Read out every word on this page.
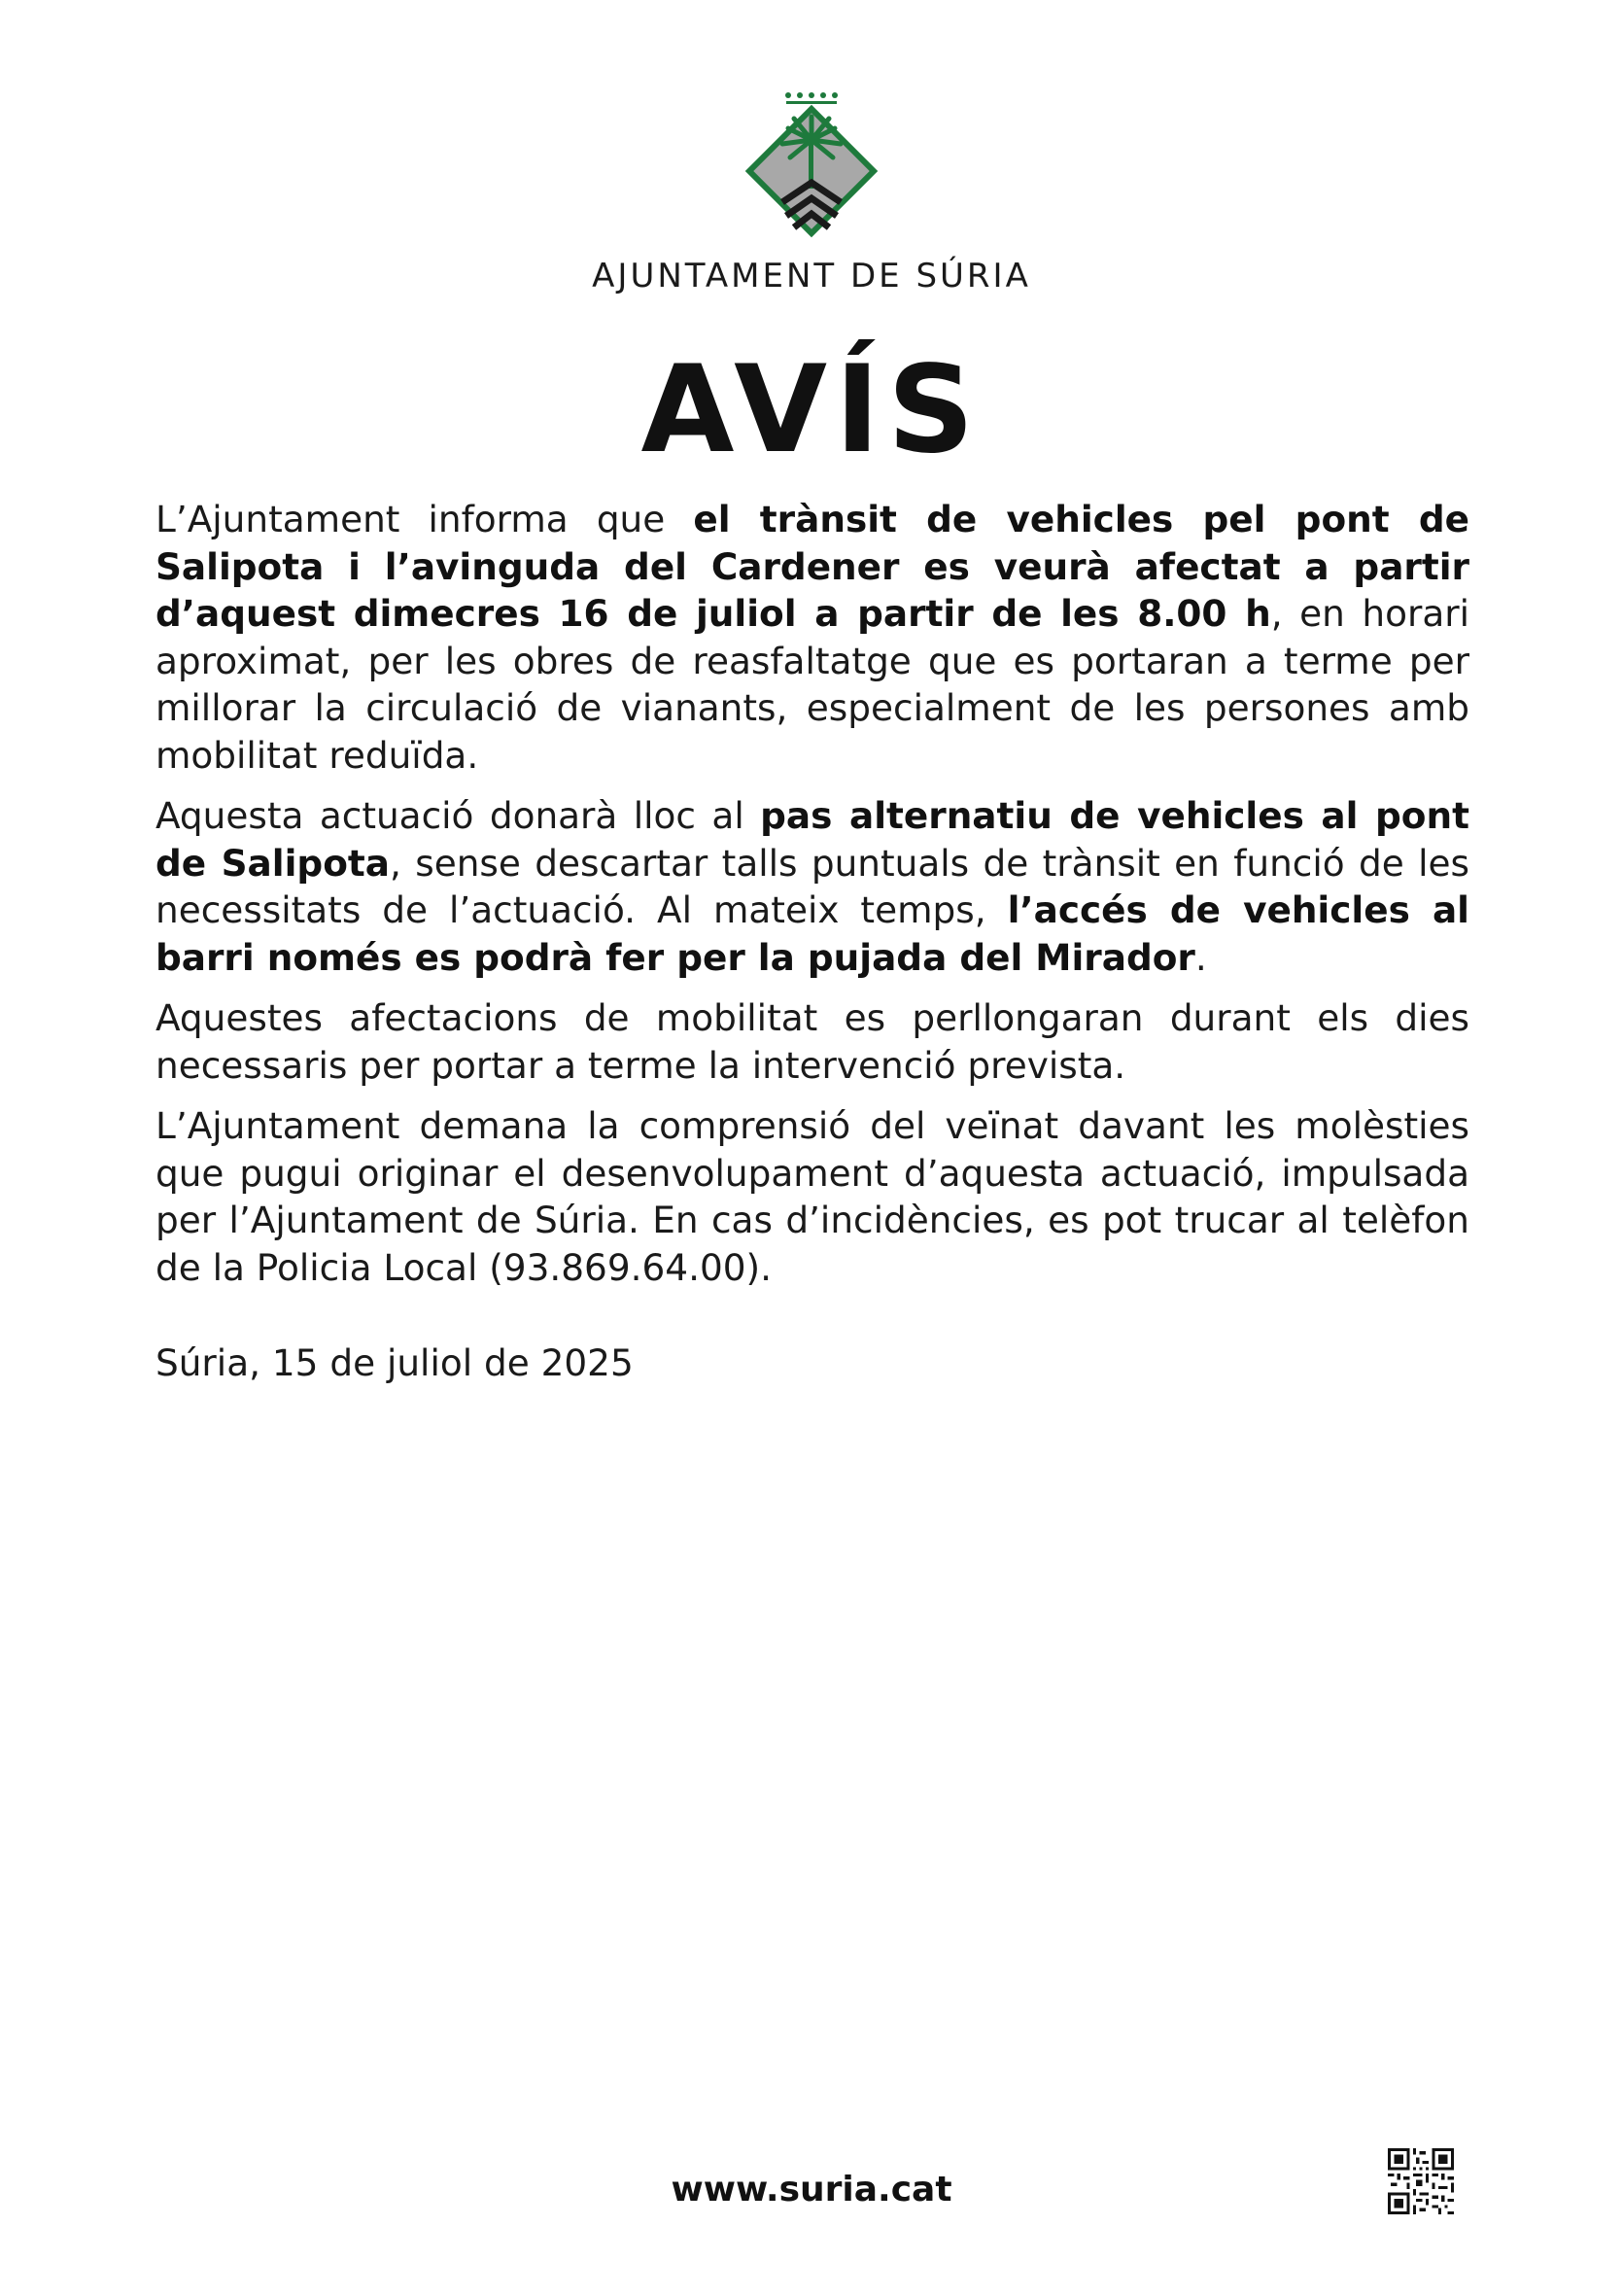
AJUNTAMENT DE SÚRIA
AVÍS

L’Ajuntament informa que el trànsit de vehicles pel pont de Salipota i l’avinguda del Cardener es veurà afectat a partir d’aquest dimecres 16 de juliol a partir de les 8.00 h, en horari aproximat, per les obres de reasfaltatge que es portaran a terme per millorar la circulació de vianants, especialment de les persones amb mobilitat reduïda.

Aquesta actuació donarà lloc al pas alternatiu de vehicles al pont de Salipota, sense descartar talls puntuals de trànsit en funció de les necessitats de l’actuació. Al mateix temps, l’accés de vehicles al barri només es podrà fer per la pujada del Mirador.

Aquestes afectacions de mobilitat es perllongaran durant els dies necessaris per portar a terme la intervenció prevista.

L’Ajuntament demana la comprensió del veïnat davant les molèsties que pugui originar el desenvolupament d’aquesta actuació, impulsada per l’Ajuntament de Súria. En cas d’incidències, es pot trucar al telèfon de la Policia Local (93.869.64.00).

Súria, 15 de juliol de 2025
www.suria.cat
